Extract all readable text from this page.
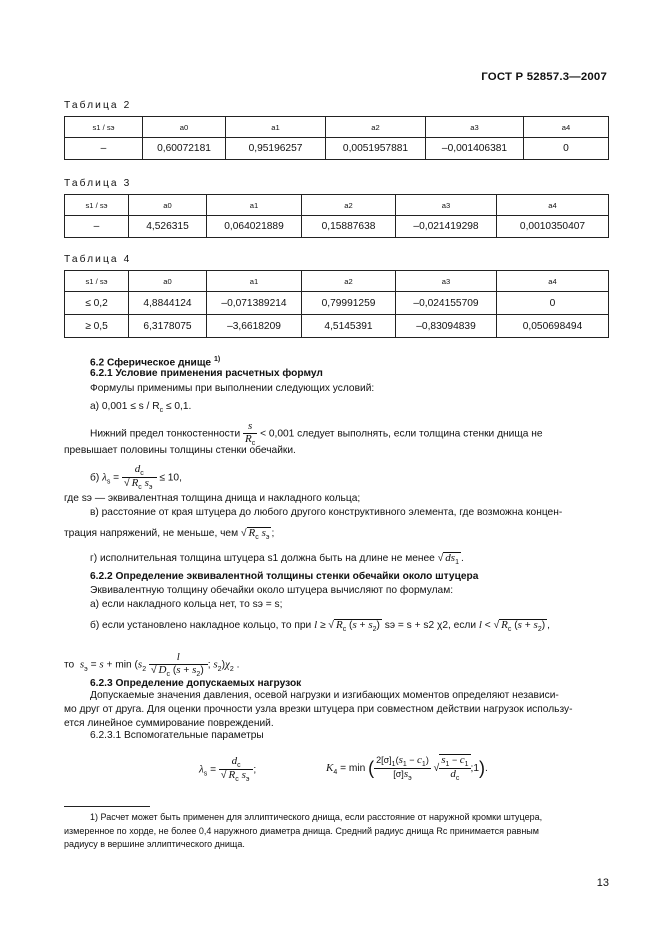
ГОСТ Р 52857.3—2007
Таблица 2
s1 / sэ	a0	a1	a2	a3	a4
–	0,60072181	0,95196257	0,0051957881	–0,001406381	0
Таблица 3
s1 / sэ	a0	a1	a2	a3	a4
–	4,526315	0,064021889	0,15887638	–0,021419298	0,0010350407
Таблица 4
s1 / sэ	a0	a1	a2	a3	a4
≤ 0,2	4,8844124	–0,071389214	0,79991259	–0,024155709	0
≥ 0,5	6,3178075	–3,6618209	4,5145391	–0,83094839	0,050698494
6.2 Сферическое днище $^{1)}$
6.2.1 Условие применения расчетных формул
Формулы применимы при выполнении следующих условий:
а) $0,001 \le s / R_c \le 0,1$.
Нижний предел тонкостенности $\frac{s}{R_c} < 0,001$ следует выполнять, если толщина стенки днища не
превышает половины толщины стенки обечайки.
б) $\lambda_s = \frac{d_c}{√ R_c s_э} \le 10$,
где sэ — эквивалентная толщина днища и накладного кольца;
в) расстояние от края штуцера до любого другого конструктивного элемента, где возможна концен-
трация напряжений, не меньше, чем √ $R_c$ $s_э$ ;
г) исполнительная толщина штуцера s1 должна быть на длине не менее √ $ds_1$ .
6.2.2 Определение эквивалентной толщины стенки обечайки около штуцера
Эквивалентную толщину обечайки около штуцера вычисляют по формулам:
а) если накладного кольца нет, то sэ = s;
б) если установлено накладное кольцо, то при l ≥ √ $R_c$ $(s + s_2)$ sэ = s + s2 χ2, если l < √ $R_c$ $(s + s_2)$ ,
то $s_э = s + \min (s_2 \frac{l}{√ D_c (s + s_2)}$ ; $s_2)\chi_2$ .
6.2.3 Определение допускаемых нагрузок
Допускаемые значения давления, осевой нагрузки и изгибающих моментов определяют независи-
мо друг от друга. Для оценки прочности узла врезки штуцера при совместном действии нагрузок использу-
ется линейное суммирование повреждений.
6.2.3.1 Вспомогательные параметры
$\lambda_s = \frac{d_c}{√ R_c s_э}$ ;	$K_4 = \min$ ( $\frac{2[\sigma]_1(s_1 - c_1)}{[\sigma]s_э}$ √ $\frac{s_1 - c_1}{d_c}$ ;1).
1) Расчет может быть применен для эллиптического днища, если расстояние от наружной кромки штуцера,
измеренное по хорде, не более 0,4 наружного диаметра днища. Средний радиус днища Rc принимается равным
радиусу в вершине эллиптического днища.
13
